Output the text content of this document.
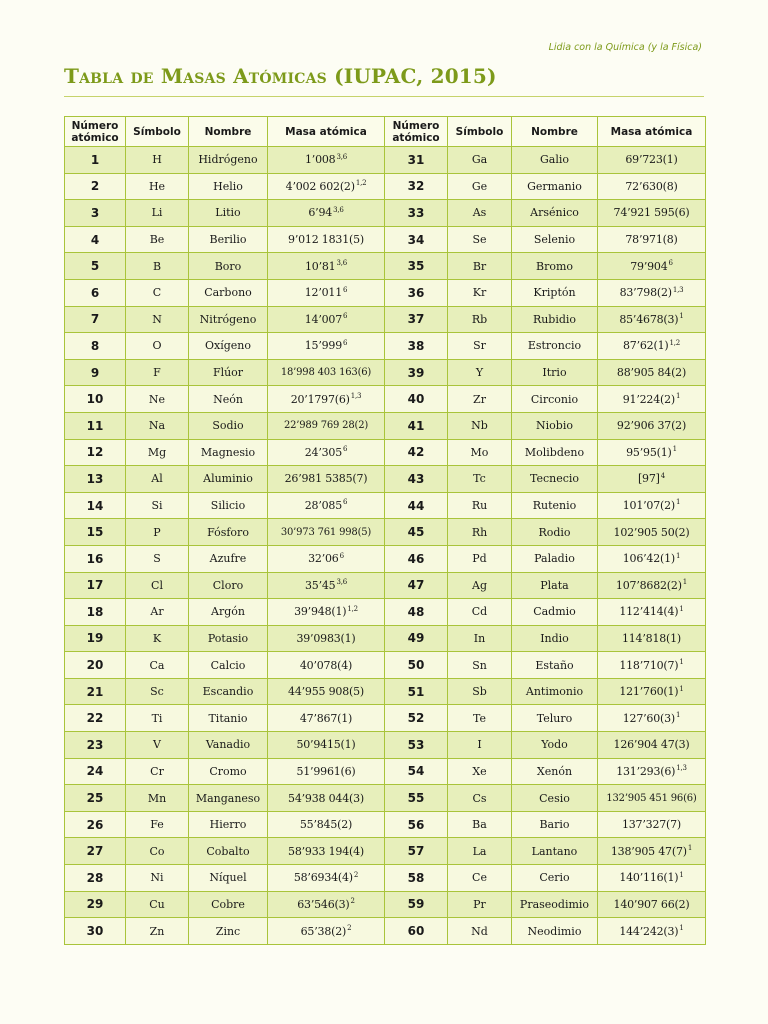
Lidia con la Química (y la Física)
Tabla de Masas Atómicas (IUPAC, 2015)
Número atómico	Símbolo	Nombre	Masa atómica	Número atómico	Símbolo	Nombre	Masa atómica
1	H	Hidrógeno	1’008$^{3,6}$	31	Ga	Galio	69’723(1)
2	He	Helio	4’002 $602(2)^{1,2}$	32	Ge	Germanio	72’630(8)
3	Li	Litio	6’94$^{3,6}$	33	As	Arsénico	74’921 595(6)
4	Be	Berilio	9’012 1831(5)	34	Se	Selenio	78’971(8)
5	B	Boro	10’81$^{3,6}$	35	Br	Bromo	$79’904^6$
6	C	Carbono	$12’011^6$	36	Kr	Kriptón	$83’798(2)^{1,3}$
7	N	Nitrógeno	$14’007^6$	37	Rb	Rubidio	$85’4678(3)^1$
8	O	Oxígeno	$15’999^6$	38	Sr	Estroncio	$87’62(1)^{1,2}$
9	F	Flúor	18’998 403 163(6)	39	Y	Itrio	88’905 84(2)
10	Ne	Neón	$20’1797(6)^{1,3}$	40	Zr	Circonio	$91’224(2)^1$
11	Na	Sodio	22’989 769 28(2)	41	Nb	Niobio	92’906 37(2)
12	Mg	Magnesio	$24’305^6$	42	Mo	Molibdeno	$95’95(1)^1$
13	Al	Aluminio	26’981 5385(7)	43	Tc	Tecnecio	$[97]^4$
14	Si	Silicio	$28’085^6$	44	Ru	Rutenio	$101’07(2)^1$
15	P	Fósforo	30’973 761 998(5)	45	Rh	Rodio	102’905 50(2)
16	S	Azufre	$32’06^6$	46	Pd	Paladio	$106’42(1)^1$
17	Cl	Cloro	35’45$^{3,6}$	47	Ag	Plata	$107’8682(2)^1$
18	Ar	Argón	$39’948(1)^{1,2}$	48	Cd	Cadmio	$112’414(4)^1$
19	K	Potasio	39’0983(1)	49	In	Indio	114’818(1)
20	Ca	Calcio	40’078(4)	50	Sn	Estaño	$118’710(7)^1$
21	Sc	Escandio	44’955 908(5)	51	Sb	Antimonio	$121’760(1)^1$
22	Ti	Titanio	47’867(1)	52	Te	Teluro	$127’60(3)^1$
23	V	Vanadio	50’9415(1)	53	I	Yodo	126’904 47(3)
24	Cr	Cromo	51’9961(6)	54	Xe	Xenón	$131’293(6)^{1,3}$
25	Mn	Manganeso	54’938 044(3)	55	Cs	Cesio	132’905 451 96(6)
26	Fe	Hierro	55’845(2)	56	Ba	Bario	137’327(7)
27	Co	Cobalto	58’933 194(4)	57	La	Lantano	138’905 $47(7)^1$
28	Ni	Níquel	$58’6934(4)^2$	58	Ce	Cerio	$140’116(1)^1$
29	Cu	Cobre	$63’546(3)^2$	59	Pr	Praseodimio	140’907 66(2)
30	Zn	Zinc	$65’38(2)^2$	60	Nd	Neodimio	$144’242(3)^1$
